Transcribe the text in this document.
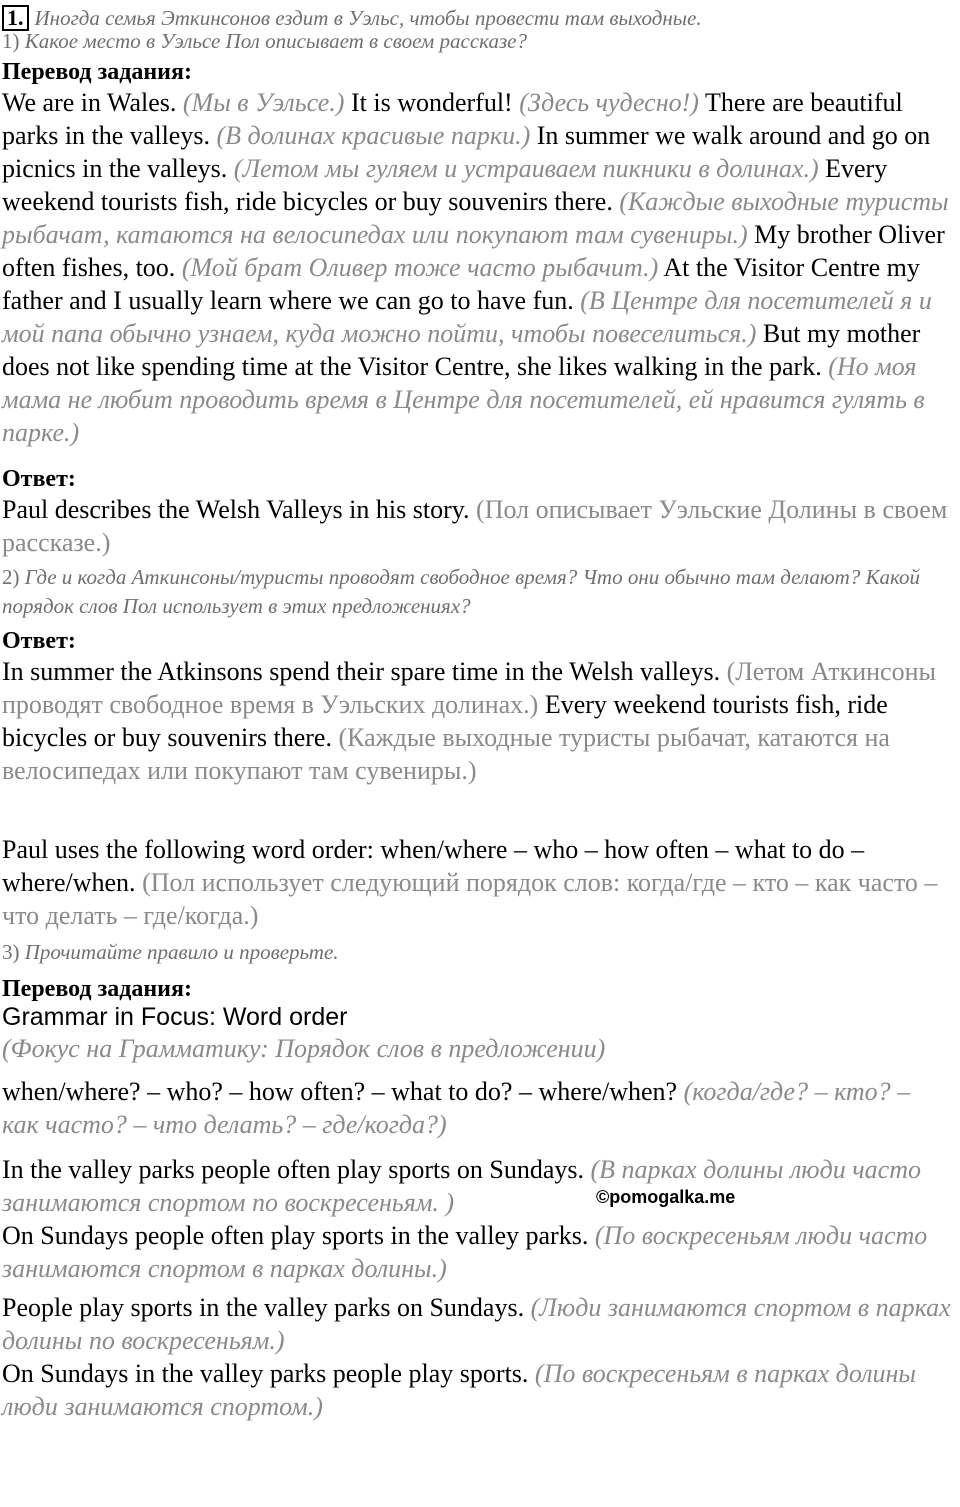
1. Иногда семья Эткинсонов ездит в Уэльс, чтобы провести там выходные.

1) Какое место в Уэльсе Пол описывает в своем рассказе?

Перевод задания:

We are in Wales. (Мы в Уэльсе.) It is wonderful! (Здесь чудесно!) There are beautiful parks in the valleys. (В долинах красивые парки.) In summer we walk around and go on picnics in the valleys. (Летом мы гуляем и устраиваем пикники в долинах.) Every weekend tourists fish, ride bicycles or buy souvenirs there. (Каждые выходные туристы рыбачат, катаются на велосипедах или покупают там сувениры.) My brother Oliver often fishes, too. (Мой брат Оливер тоже часто рыбачит.) At the Visitor Centre my father and I usually learn where we can go to have fun. (В Центре для посетителей я и мой папа обычно узнаем, куда можно пойти, чтобы повеселиться.) But my mother does not like spending time at the Visitor Centre, she likes walking in the park. (Но моя мама не любит проводить время в Центре для посетителей, ей нравится гулять в парке.)

Ответ:

Paul describes the Welsh Valleys in his story. (Пол описывает Уэльские Долины в своем рассказе.)

2) Где и когда Аткинсоны/туристы проводят свободное время? Что они обычно там делают? Какой порядок слов Пол использует в этих предложениях?

Ответ:

In summer the Atkinsons spend their spare time in the Welsh valleys. (Летом Аткинсоны проводят свободное время в Уэльских долинах.) Every weekend tourists fish, ride bicycles or buy souvenirs there. (Каждые выходные туристы рыбачат, катаются на велосипедах или покупают там сувениры.)

Paul uses the following word order: when/where – who – how often – what to do – where/when. (Пол использует следующий порядок слов: когда/где – кто – как часто – что делать – где/когда.)

3) Прочитайте правило и проверьте.

Перевод задания:

Grammar in Focus: Word order

(Фокус на Грамматику: Порядок слов в предложении)

when/where? – who? – how often? – what to do? – where/when? (когда/где? – кто? – как часто? – что делать? – где/когда?)

In the valley parks people often play sports on Sundays. (В парках долины люди часто занимаются спортом по воскресеньям. )

On Sundays people often play sports in the valley parks. (По воскресеньям люди часто занимаются спортом в парках долины.)

People play sports in the valley parks on Sundays. (Люди занимаются спортом в парках долины по воскресеньям.)

On Sundays in the valley parks people play sports. (По воскресеньям в парках долины люди занимаются спортом.)

©pomogalka.me
